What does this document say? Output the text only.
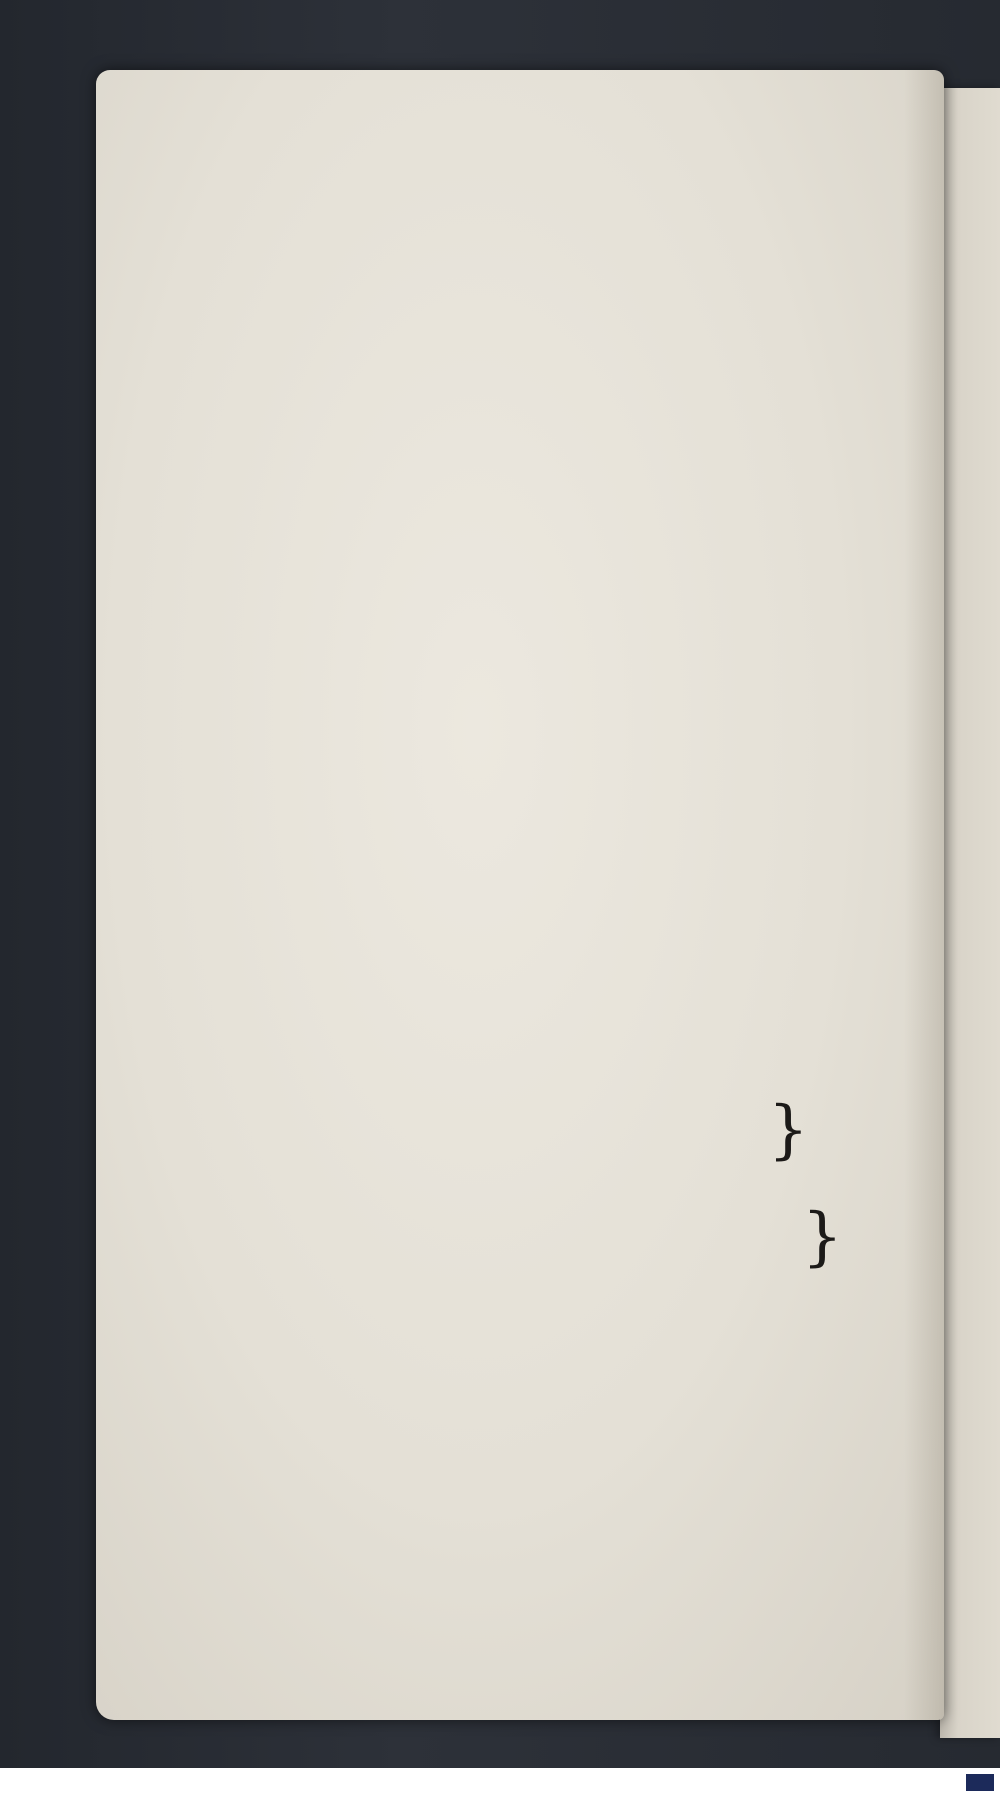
}
}
